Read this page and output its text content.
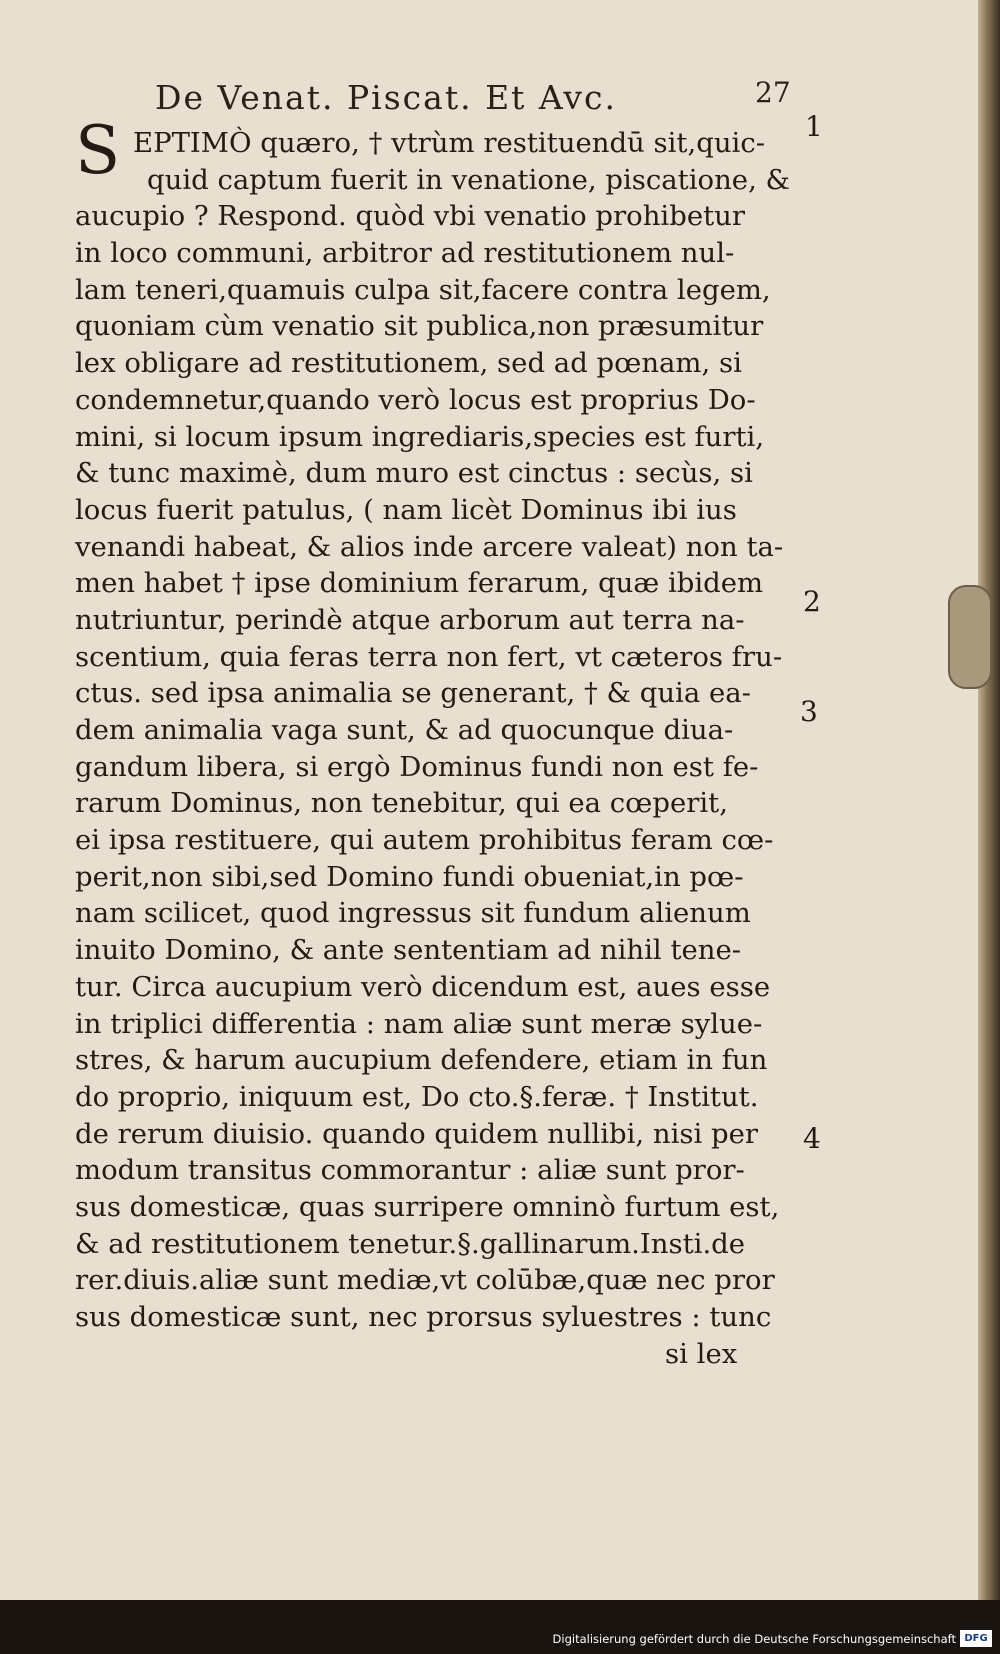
De Venat. Piscat. Et Avc.	27
S EPTIMÒ quæro, † vtrùm restituendū sit,quic-
quid captum fuerit in venatione, piscatione, &
aucupio ? Respond. quòd vbi venatio prohibetur
in loco communi, arbitror ad restitutionem nul-
lam teneri,quamuis culpa sit,facere contra legem,
quoniam cùm venatio sit publica,non præsumitur
lex obligare ad restitutionem, sed ad pœnam, si
condemnetur,quando verò locus est proprius Do-
mini, si locum ipsum ingrediaris,species est furti,
& tunc maximè, dum muro est cinctus : secùs, si
locus fuerit patulus, ( nam licèt Dominus ibi ius
venandi habeat, & alios inde arcere valeat) non ta-
men habet † ipse dominium ferarum, quæ ibidem
nutriuntur, perindè atque arborum aut terra na-
scentium, quia feras terra non fert, vt cæteros fru-
ctus. sed ipsa animalia se generant, † & quia ea-
dem animalia vaga sunt, & ad quocunque diua-
gandum libera, si ergò Dominus fundi non est fe-
rarum Dominus, non tenebitur, qui ea cœperit,
ei ipsa restituere, qui autem prohibitus feram cœ-
perit,non sibi,sed Domino fundi obueniat,in pœ-
nam scilicet, quod ingressus sit fundum alienum
inuito Domino, & ante sententiam ad nihil tene-
tur. Circa aucupium verò dicendum est, aues esse
in triplici differentia : nam aliæ sunt meræ sylue-
stres, & harum aucupium defendere, etiam in fun
do proprio, iniquum est, Do cto.§.feræ. † Institut.
de rerum diuisio. quando quidem nullibi, nisi per
modum transitus commorantur : aliæ sunt pror-
sus domesticæ, quas surripere omninò furtum est,
& ad restitutionem tenetur.§.gallinarum.Insti.de
rer.diuis.aliæ sunt mediæ,vt colūbæ,quæ nec pror
sus domesticæ sunt, nec prorsus syluestres : tunc
si lex
1
2
3
4
Digitalisierung gefördert durch die Deutsche Forschungsgemeinschaft DFG
